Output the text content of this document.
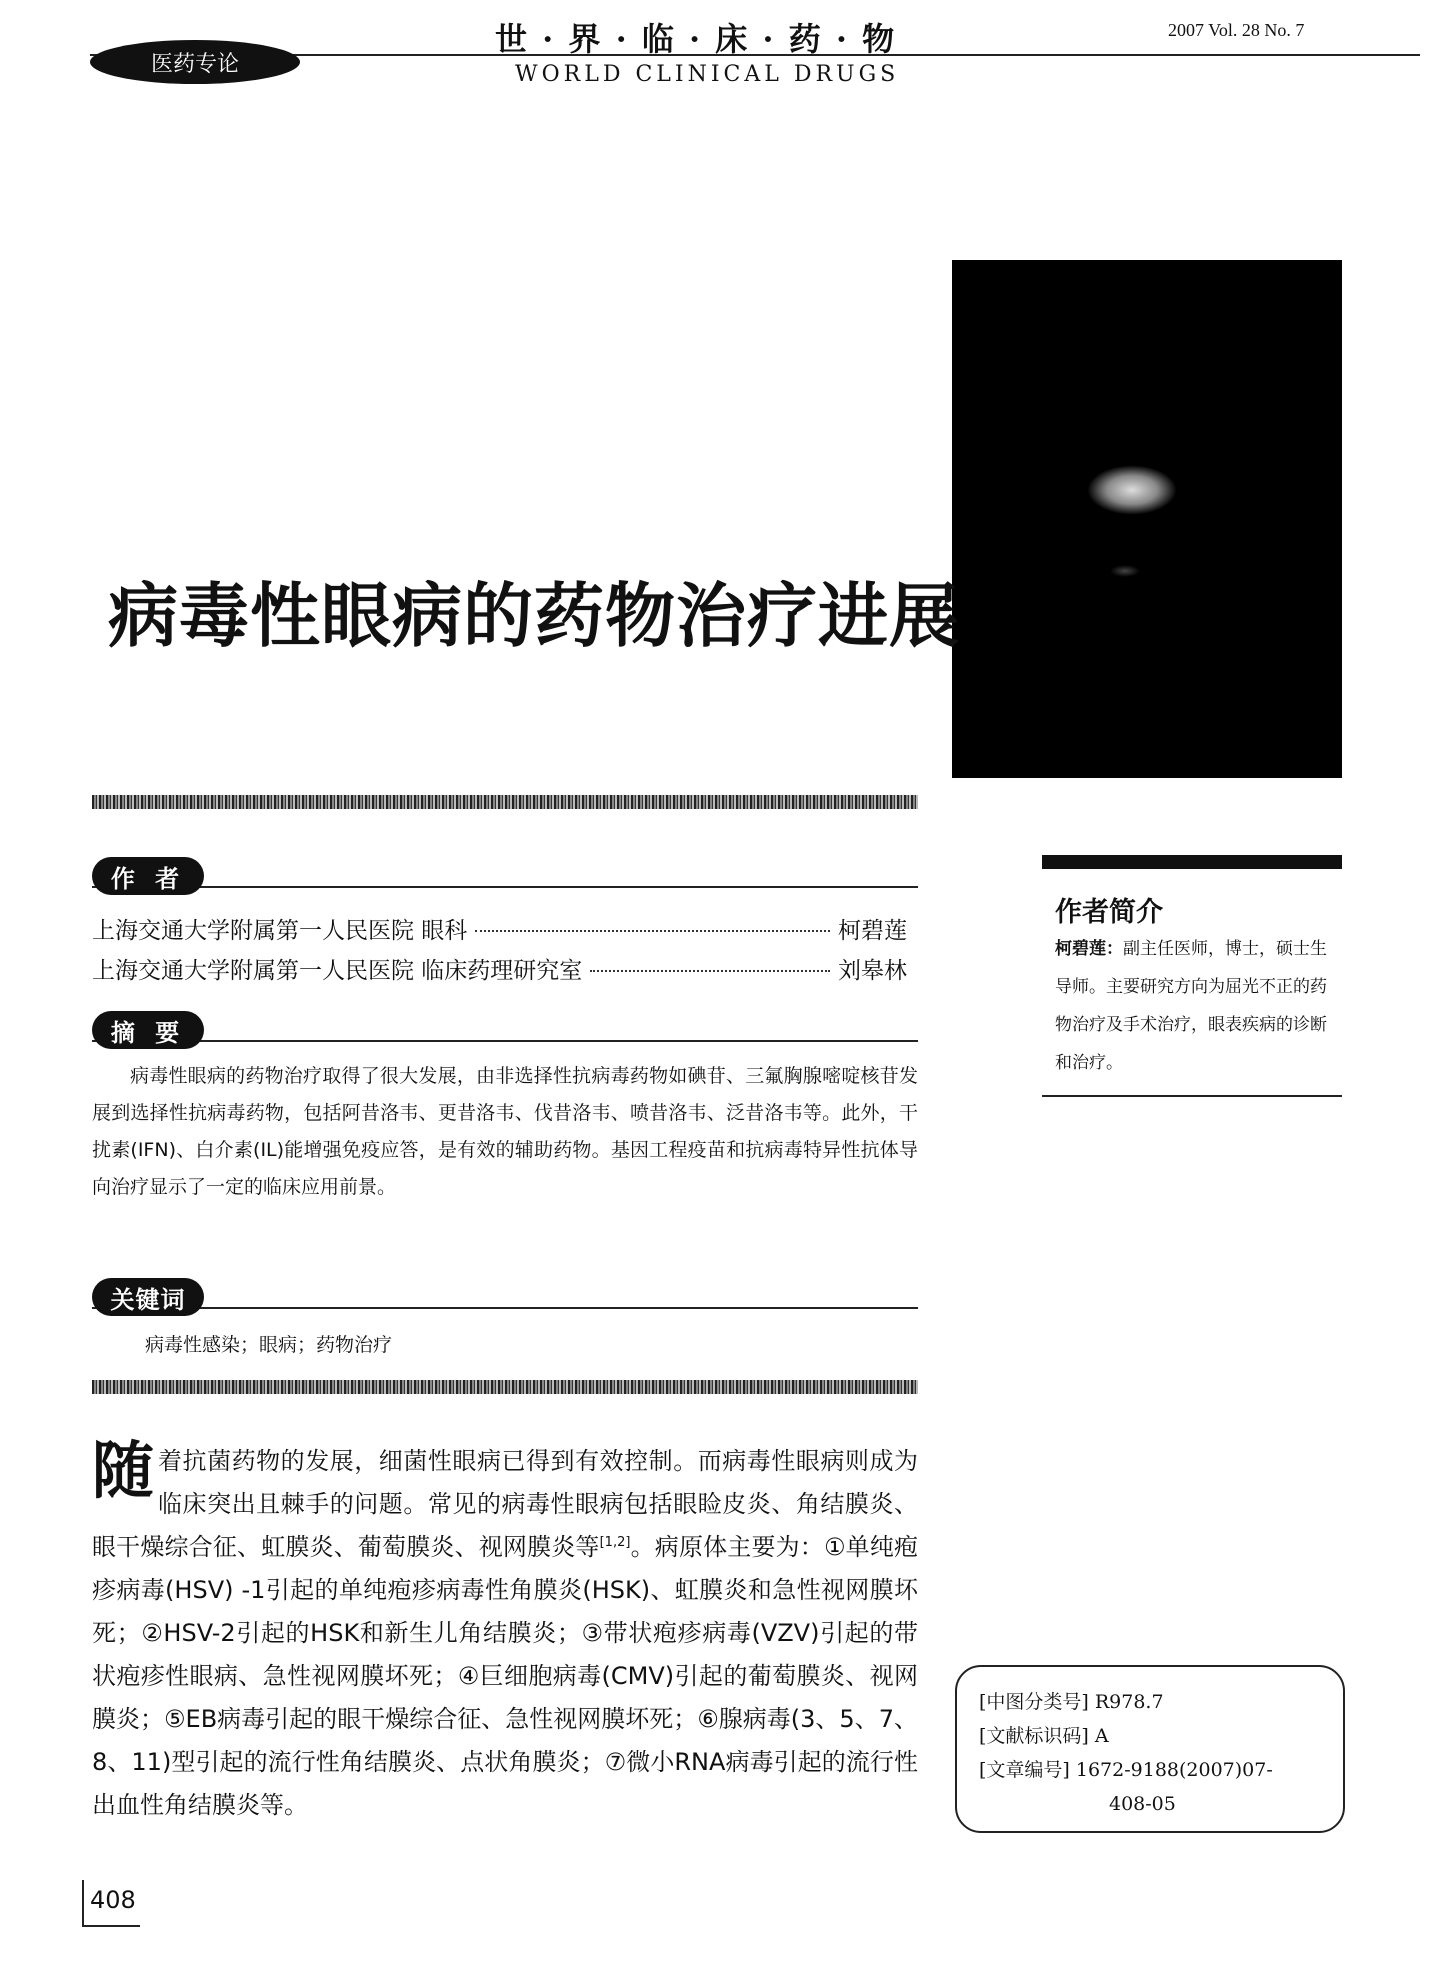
医药专论
世 · 界 · 临 · 床 · 药 · 物
WORLD CLINICAL DRUGS
2007 Vol. 28 No. 7
病毒性眼病的药物治疗进展
作 者
上海交通大学附属第一人民医院 眼科	柯碧莲
上海交通大学附属第一人民医院 临床药理研究室	刘皋林
摘 要
病毒性眼病的药物治疗取得了很大发展，由非选择性抗病毒药物如碘苷、三氟胸腺嘧啶核苷发展到选择性抗病毒药物，包括阿昔洛韦、更昔洛韦、伐昔洛韦、喷昔洛韦、泛昔洛韦等。此外，干扰素(IFN)、白介素(IL)能增强免疫应答，是有效的辅助药物。基因工程疫苗和抗病毒特异性抗体导向治疗显示了一定的临床应用前景。
关键词
病毒性感染；眼病；药物治疗
作者简介
柯碧莲：副主任医师，博士，硕士生导师。主要研究方向为屈光不正的药物治疗及手术治疗，眼表疾病的诊断和治疗。
随着抗菌药物的发展，细菌性眼病已得到有效控制。而病毒性眼病则成为临床突出且棘手的问题。常见的病毒性眼病包括眼睑皮炎、角结膜炎、眼干燥综合征、虹膜炎、葡萄膜炎、视网膜炎等[1,2]。病原体主要为：①单纯疱疹病毒(HSV) -1引起的单纯疱疹病毒性角膜炎(HSK)、虹膜炎和急性视网膜坏死；②HSV-2引起的HSK和新生儿角结膜炎；③带状疱疹病毒(VZV)引起的带状疱疹性眼病、急性视网膜坏死；④巨细胞病毒(CMV)引起的葡萄膜炎、视网膜炎；⑤EB病毒引起的眼干燥综合征、急性视网膜坏死；⑥腺病毒(3、5、7、8、11)型引起的流行性角结膜炎、点状角膜炎；⑦微小RNA病毒引起的流行性出血性角结膜炎等。
[中图分类号] R978.7
[文献标识码] A
[文章编号] 1672-9188(2007)07-
408-05
408
